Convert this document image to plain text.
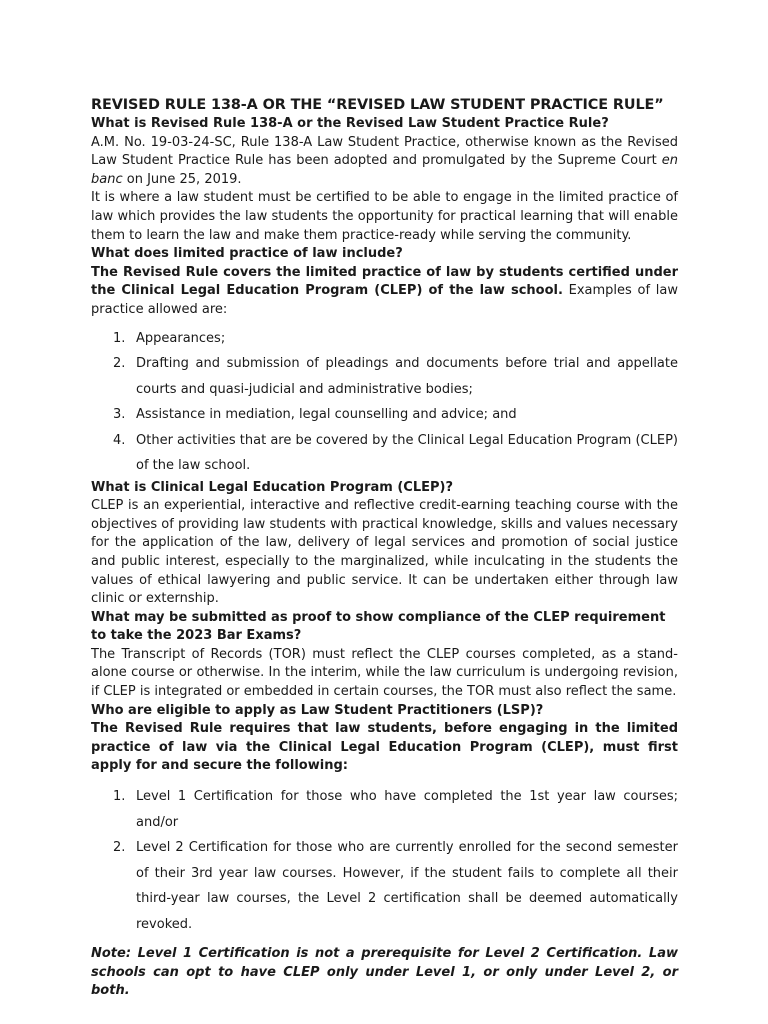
REVISED RULE 138-A OR THE “REVISED LAW STUDENT PRACTICE RULE”

What is Revised Rule 138-A or the Revised Law Student Practice Rule?

A.M. No. 19-03-24-SC, Rule 138-A Law Student Practice, otherwise known as the Revised Law Student Practice Rule has been adopted and promulgated by the Supreme Court en banc on June 25, 2019.

It is where a law student must be certified to be able to engage in the limited practice of law which provides the law students the opportunity for practical learning that will enable them to learn the law and make them practice-ready while serving the community.

What does limited practice of law include?

The Revised Rule covers the limited practice of law by students certified under the Clinical Legal Education Program (CLEP) of the law school. Examples of law practice allowed are:

1. Appearances;
2. Drafting and submission of pleadings and documents before trial and appellate courts and quasi-judicial and administrative bodies;
3. Assistance in mediation, legal counselling and advice; and
4. Other activities that are be covered by the Clinical Legal Education Program (CLEP) of the law school.

What is Clinical Legal Education Program (CLEP)?

CLEP is an experiential, interactive and reflective credit-earning teaching course with the objectives of providing law students with practical knowledge, skills and values necessary for the application of the law, delivery of legal services and promotion of social justice and public interest, especially to the marginalized, while inculcating in the students the values of ethical lawyering and public service. It can be undertaken either through law clinic or externship.

What may be submitted as proof to show compliance of the CLEP requirement to take the 2023 Bar Exams?

The Transcript of Records (TOR) must reflect the CLEP courses completed, as a stand-alone course or otherwise. In the interim, while the law curriculum is undergoing revision, if CLEP is integrated or embedded in certain courses, the TOR must also reflect the same.

Who are eligible to apply as Law Student Practitioners (LSP)?

The Revised Rule requires that law students, before engaging in the limited practice of law via the Clinical Legal Education Program (CLEP), must first apply for and secure the following:

1. Level 1 Certification for those who have completed the 1st year law courses; and/or
2. Level 2 Certification for those who are currently enrolled for the second semester of their 3rd year law courses. However, if the student fails to complete all their third-year law courses, the Level 2 certification shall be deemed automatically revoked.

Note: Level 1 Certification is not a prerequisite for Level 2 Certification. Law schools can opt to have CLEP only under Level 1, or only under Level 2, or both.
